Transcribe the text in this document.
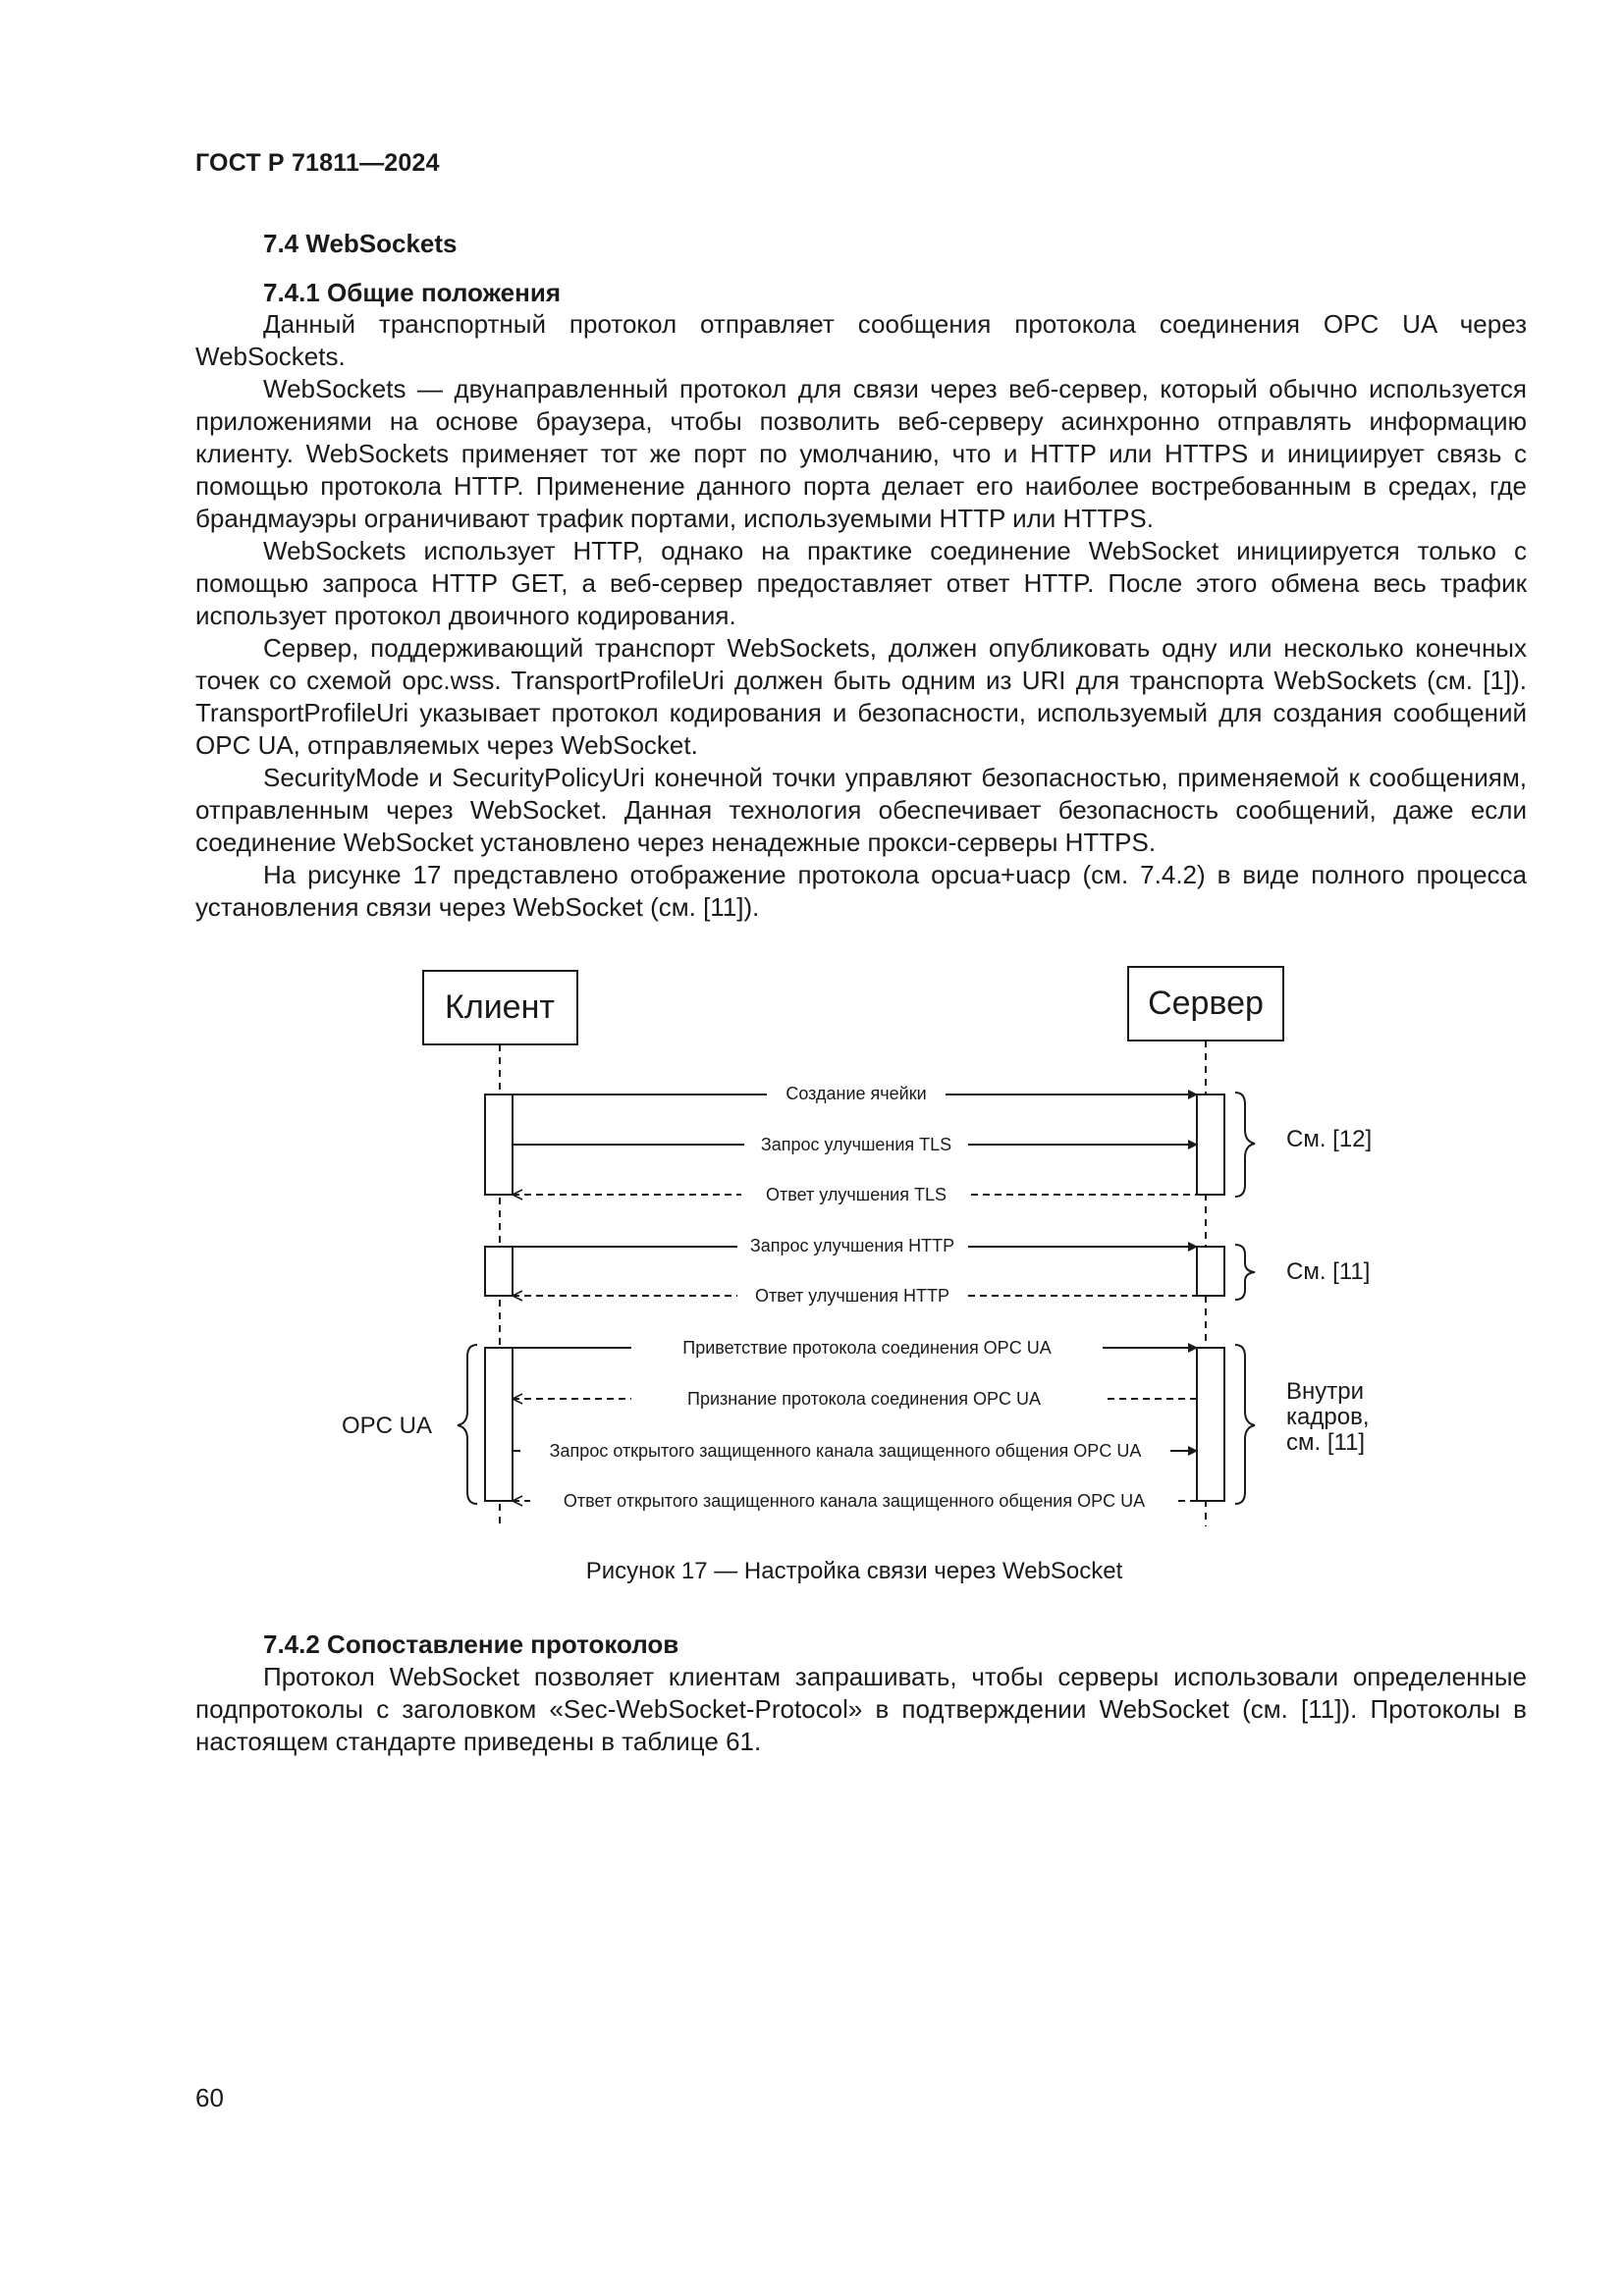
ГОСТ Р 71811—2024
7.4 WebSockets
7.4.1 Общие положения

Данный транспортный протокол отправляет сообщения протокола соединения OPC UA через WebSockets.

WebSockets — двунаправленный протокол для связи через веб-сервер, который обычно используется приложениями на основе браузера, чтобы позволить веб-серверу асинхронно отправлять информацию клиенту. WebSockets применяет тот же порт по умолчанию, что и HTTP или HTTPS и инициирует связь с помощью протокола HTTP. Применение данного порта делает его наиболее востребованным в средах, где брандмауэры ограничивают трафик портами, используемыми HTTP или HTTPS.

WebSockets использует HTTP, однако на практике соединение WebSocket инициируется только с помощью запроса HTTP GET, а веб-сервер предоставляет ответ HTTP. После этого обмена весь трафик использует протокол двоичного кодирования.

Сервер, поддерживающий транспорт WebSockets, должен опубликовать одну или несколько конечных точек со схемой opc.wss. TransportProfileUri должен быть одним из URI для транспорта WebSockets (см. [1]). TransportProfileUri указывает протокол кодирования и безопасности, используемый для создания сообщений OPC UA, отправляемых через WebSocket.

SecurityMode и SecurityPolicyUri конечной точки управляют безопасностью, применяемой к сообщениям, отправленным через WebSocket. Данная технология обеспечивает безопасность сообщений, даже если соединение WebSocket установлено через ненадежные прокси-серверы HTTPS.

На рисунке 17 представлено отображение протокола opcua+uacp (см. 7.4.2) в виде полного процесса установления связи через WebSocket (см. [11]).

Клиент	Сервер
Создание ячейки
Запрос улучшения TLS
Ответ улучшения TLS
Запрос улучшения HTTP
Ответ улучшения HTTP
Приветствие протокола соединения OPC UA
Признание протокола соединения OPC UA
Запрос открытого защищенного канала защищенного общения OPC UA
Ответ открытого защищенного канала защищенного общения OPC UA
См. [12]
См. [11]
Внутри
кадров,
см. [11]
OPC UA
Рисунок 17 — Настройка связи через WebSocket
7.4.2 Сопоставление протоколов

Протокол WebSocket позволяет клиентам запрашивать, чтобы серверы использовали определенные подпротоколы с заголовком «Sec-WebSocket-Protocol» в подтверждении WebSocket (см. [11]). Протоколы в настоящем стандарте приведены в таблице 61.

60
